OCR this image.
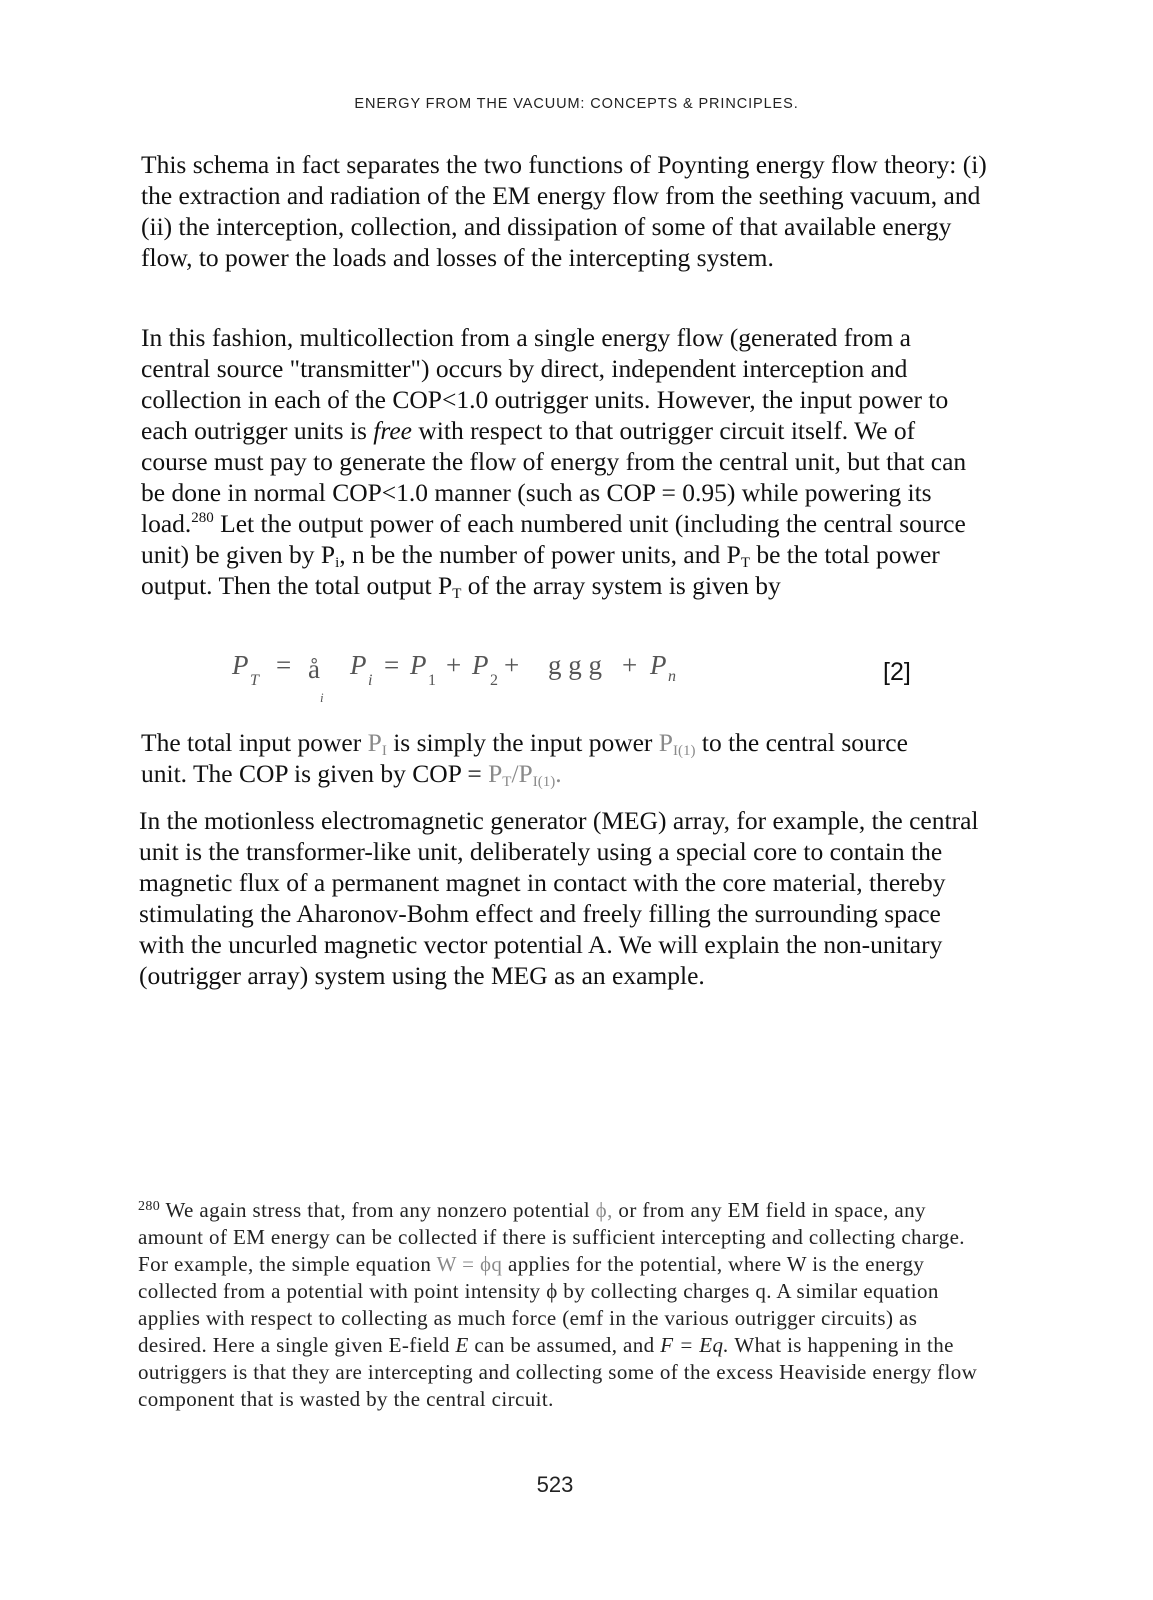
ENERGY FROM THE VACUUM: CONCEPTS & PRINCIPLES.

This schema in fact separates the two functions of Poynting energy flow theory: (i) the extraction and radiation of the EM energy flow from the seething vacuum, and (ii) the interception, collection, and dissipation of some of that available energy flow, to power the loads and losses of the intercepting system.

In this fashion, multicollection from a single energy flow (generated from a central source "transmitter") occurs by direct, independent interception and collection in each of the COP<1.0 outrigger units. However, the input power to each outrigger units is free with respect to that outrigger circuit itself. We of course must pay to generate the flow of energy from the central unit, but that can be done in normal COP<1.0 manner (such as COP = 0.95) while powering its load.$^{280}$ Let the output power of each numbered unit (including the central source unit) be given by $P_i$, n be the number of power units, and $P_T$ be the total power output. Then the total output $P_T$ of the array system is given by

P
T
= å
i
P
i
= P
1
+ P
2
+ g g g + P n	[2]

The total input power $P_I$ is simply the input power $P_{I(1)}$ to the central source unit. The COP is given by COP = $P_T/P_{I(1)}$.

In the motionless electromagnetic generator (MEG) array, for example, the central unit is the transformer-like unit, deliberately using a special core to contain the magnetic flux of a permanent magnet in contact with the core material, thereby stimulating the Aharonov-Bohm effect and freely filling the surrounding space with the uncurled magnetic vector potential A. We will explain the non-unitary (outrigger array) system using the MEG as an example.

$^{280}$ We again stress that, from any nonzero potential ϕ, or from any EM field in space, any amount of EM energy can be collected if there is sufficient intercepting and collecting charge. For example, the simple equation W = ϕq applies for the potential, where W is the energy collected from a potential with point intensity ϕ by collecting charges q. A similar equation applies with respect to collecting as much force (emf in the various outrigger circuits) as desired. Here a single given E-field E can be assumed, and F = Eq. What is happening in the outriggers is that they are intercepting and collecting some of the excess Heaviside energy flow component that is wasted by the central circuit.

523
